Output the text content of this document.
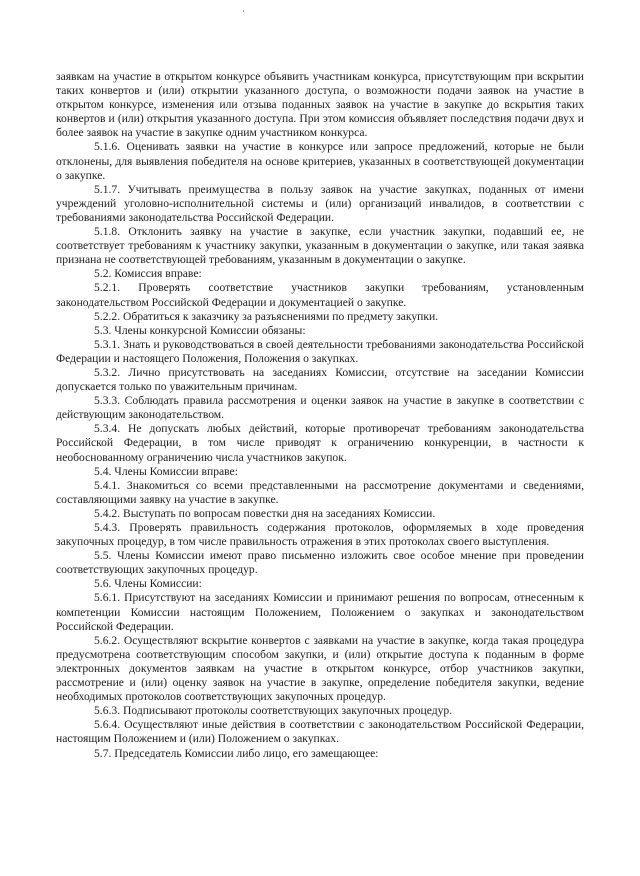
заявкам на участие в открытом конкурсе объявить участникам конкурса, присутствующим при вскрытии таких конвертов и (или) открытии указанного доступа, о возможности подачи заявок на участие в открытом конкурсе, изменения или отзыва поданных заявок на участие в закупке до вскрытия таких конвертов и (или) открытия указанного доступа. При этом комиссия объявляет последствия подачи двух и более заявок на участие в закупке одним участником конкурса.

5.1.6. Оценивать заявки на участие в конкурсе или запросе предложений, которые не были отклонены, для выявления победителя на основе критериев, указанных в соответствующей документации о закупке.

5.1.7. Учитывать преимущества в пользу заявок на участие закупках, поданных от имени учреждений уголовно-исполнительной системы и (или) организаций инвалидов, в соответствии с требованиями законодательства Российской Федерации.

5.1.8. Отклонить заявку на участие в закупке, если участник закупки, подавший ее, не соответствует требованиям к участнику закупки, указанным в документации о закупке, или такая заявка признана не соответствующей требованиям, указанным в документации о закупке.

5.2. Комиссия вправе:

5.2.1. Проверять соответствие участников закупки требованиям, установленным законодательством Российской Федерации и документацией о закупке.

5.2.2. Обратиться к заказчику за разъяснениями по предмету закупки.

5.3. Члены конкурсной Комиссии обязаны:

5.3.1. Знать и руководствоваться в своей деятельности требованиями законодательства Российской Федерации и настоящего Положения, Положения о закупках.

5.3.2. Лично присутствовать на заседаниях Комиссии, отсутствие на заседании Комиссии допускается только по уважительным причинам.

5.3.3. Соблюдать правила рассмотрения и оценки заявок на участие в закупке в соответствии с действующим законодательством.

5.3.4. Не допускать любых действий, которые противоречат требованиям законодательства Российской Федерации, в том числе приводят к ограничению конкуренции, в частности к необоснованному ограничению числа участников закупок.

5.4. Члены Комиссии вправе:

5.4.1. Знакомиться со всеми представленными на рассмотрение документами и сведениями, составляющими заявку на участие в закупке.

5.4.2. Выступать по вопросам повестки дня на заседаниях Комиссии.

5.4.3. Проверять правильность содержания протоколов, оформляемых в ходе проведения закупочных процедур, в том числе правильность отражения в этих протоколах своего выступления.

5.5. Члены Комиссии имеют право письменно изложить свое особое мнение при проведении соответствующих закупочных процедур.

5.6. Члены Комиссии:

5.6.1. Присутствуют на заседаниях Комиссии и принимают решения по вопросам, отнесенным к компетенции Комиссии настоящим Положением, Положением о закупках и законодательством Российской Федерации.

5.6.2. Осуществляют вскрытие конвертов с заявками на участие в закупке, когда такая процедура предусмотрена соответствующим способом закупки, и (или) открытие доступа к поданным в форме электронных документов заявкам на участие в открытом конкурсе, отбор участников закупки, рассмотрение и (или) оценку заявок на участие в закупке, определение победителя закупки, ведение необходимых протоколов соответствующих закупочных процедур.

5.6.3. Подписывают протоколы соответствующих закупочных процедур.

5.6.4. Осуществляют иные действия в соответствии с законодательством Российской Федерации, настоящим Положением и (или) Положением о закупках.

5.7. Председатель Комиссии либо лицо, его замещающее:
